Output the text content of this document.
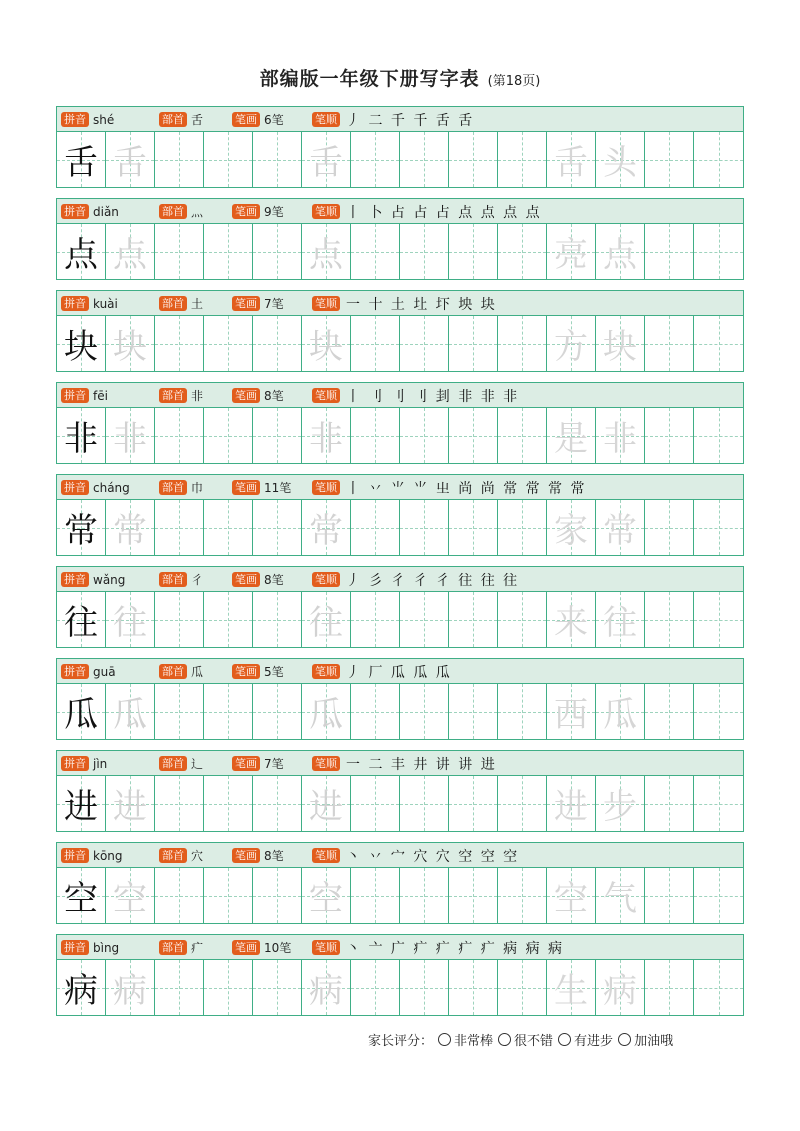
部编版一年级下册写字表 (第18页)
拼音 shé	部首 舌	笔画 6笔	笔顺 丿 二 千 千 舌 舌
舌 舌	舌	舌 头
拼音 diǎn	部首 灬	笔画 9笔	笔顺 丨 卜 占 占 占 点 点 点 点
点 点	点	亮 点
拼音 kuài	部首 土	笔画 7笔	笔顺 一 十 土 圵 圷 坱 块
块 块	块	方 块
拼音 fēi	部首 非	笔画 8笔	笔顺 丨 刂 刂 刂 刲 非 非 非
非 非	非	是 非
拼音 cháng	部首 巾	笔画 11笔 笔顺 丨 丷 ⺌ ⺌ 㞢 尚 尚 常 常 常 常
常 常	常	家 常
拼音 wǎng	部首 彳	笔画 8笔	笔顺 丿 彡 彳 彳 彳 往 往 往
往 往	往	来 往
拼音 guā	部首 瓜	笔画 5笔	笔顺 丿 厂 瓜 瓜 瓜
瓜 瓜	瓜	西 瓜
拼音 jìn	部首 辶	笔画 7笔	笔顺 一 二 丰 井 讲 讲 进
进 进	进	进 步
拼音 kōng	部首 穴	笔画 8笔	笔顺 丶 丷 宀 穴 穴 空 空 空
空 空	空	空 气
拼音 bìng	部首 疒	笔画 10笔 笔顺 丶 亠 广 疒 疒 疒 疒 病 病 病
病 病	病	生 病
家长评分： 非常棒 很不错 有进步 加油哦
